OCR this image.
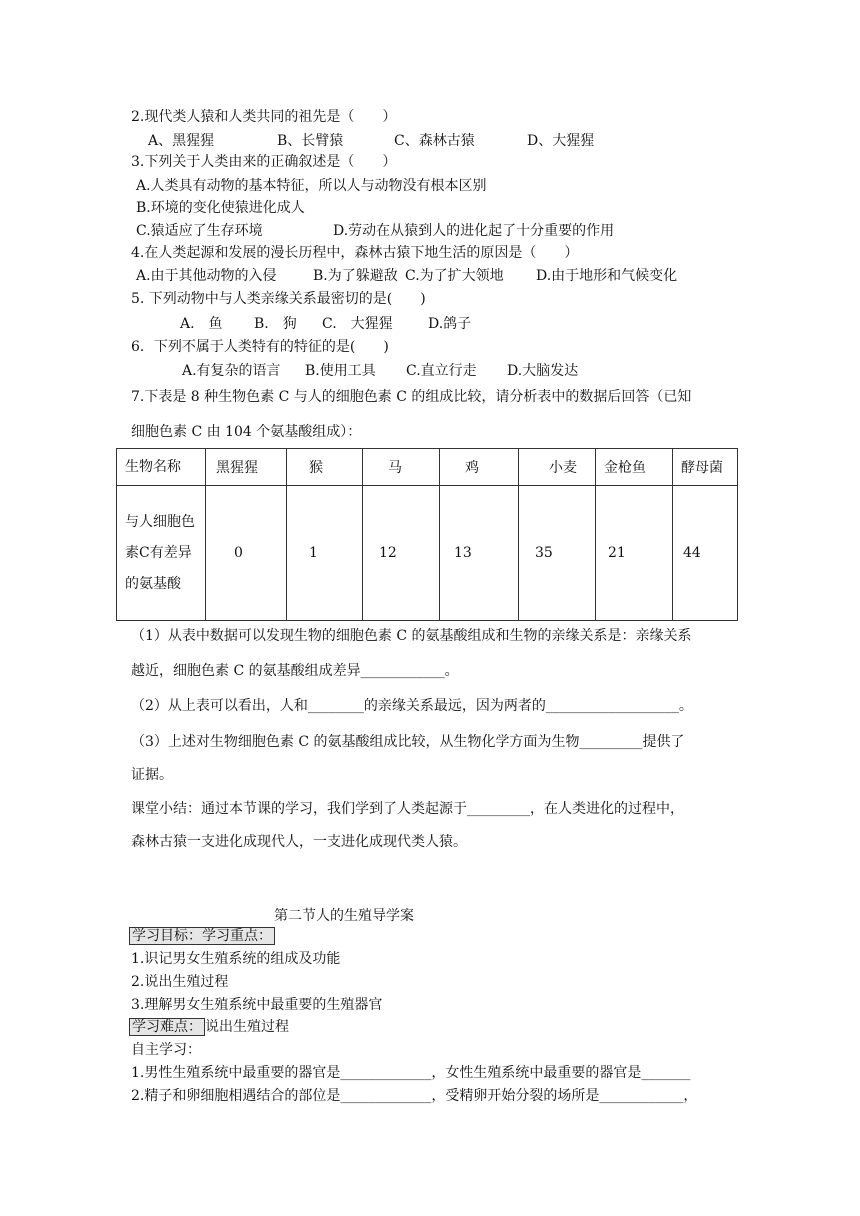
2.现代类人猿和人类共同的祖先是（　　）
A、黑猩猩	B、长臂猿	C、森林古猿	D、大猩猩
3.下列关于人类由来的正确叙述是（　　）
A.人类具有动物的基本特征，所以人与动物没有根本区别
B.环境的变化使猿进化成人
C.猿适应了生存环境	D.劳动在从猿到人的进化起了十分重要的作用
4.在人类起源和发展的漫长历程中，森林古猿下地生活的原因是（　　）
A.由于其他动物的入侵	B.为了躲避敌 C.为了扩大领地 D.由于地形和气候变化
5. 下列动物中与人类亲缘关系最密切的是(　　)
A.　鱼 B.　狗 C.　大猩猩	D.鸽子
6．下列不属于人类特有的特征的是(　　)
A.有复杂的语言 B.使用工具 C.直立行走 D.大脑发达
7.下表是 8 种生物色素 C 与人的细胞色素 C 的组成比较，请分析表中的数据后回答（已知
细胞色素 C 由 104 个氨基酸组成）：
生物名称	黑猩猩	猴	马	鸡	小麦	金枪鱼	酵母菌

与人细胞色素C有差异的氨基酸	0	1	12	13	35	21	44
（1）从表中数据可以发现生物的细胞色素 C 的氨基酸组成和生物的亲缘关系是：亲缘关系
越近，细胞色素 C 的氨基酸组成差异____________。
（2）从上表可以看出，人和________的亲缘关系最远，因为两者的___________________。
（3）上述对生物细胞色素 C 的氨基酸组成比较，从生物化学方面为生物_________提供了
证据。
课堂小结：通过本节课的学习，我们学到了人类起源于_________，在人类进化的过程中，
森林古猿一支进化成现代人，一支进化成现代类人猿。
第二节人的生殖导学案
学习目标：学习重点：
1.识记男女生殖系统的组成及功能
2.说出生殖过程
3.理解男女生殖系统中最重要的生殖器官
学习难点： 说出生殖过程
自主学习：
1.男性生殖系统中最重要的器官是_____________，女性生殖系统中最重要的器官是_______
2.精子和卵细胞相遇结合的部位是_____________，受精卵开始分裂的场所是____________，
